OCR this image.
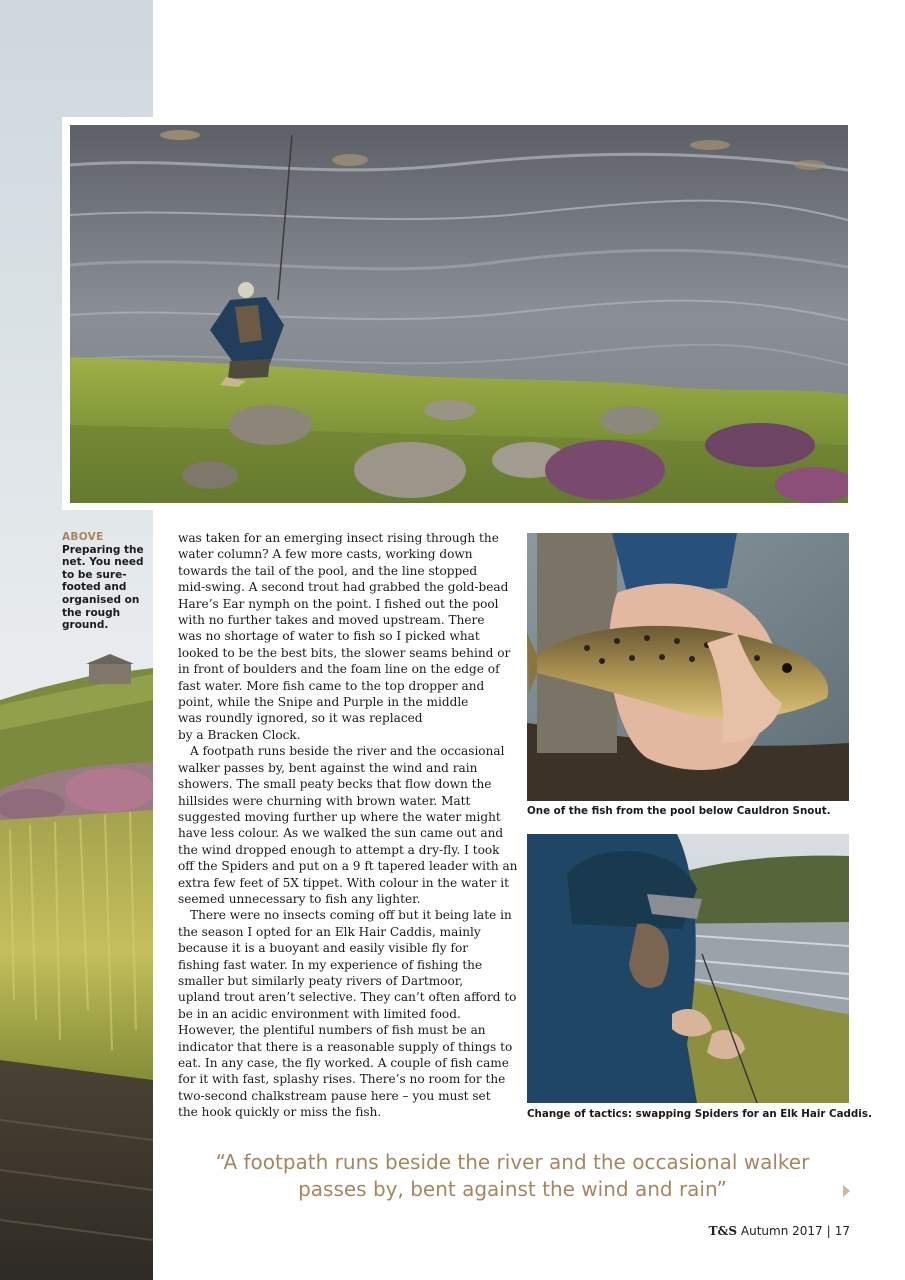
ABOVE
Preparing the net. You need to be sure-footed and organised on the rough ground.
was taken for an emerging insect rising through the
water column? A few more casts, working down
towards the tail of the pool, and the line stopped
mid-swing. A second trout had grabbed the gold-bead
Hare’s Ear nymph on the point. I fished out the pool
with no further takes and moved upstream. There
was no shortage of water to fish so I picked what
looked to be the best bits, the slower seams behind or
in front of boulders and the foam line on the edge of
fast water. More fish came to the top dropper and
point, while the Snipe and Purple in the middle
was roundly ignored, so it was replaced
by a Bracken Clock.
A footpath runs beside the river and the occasional
walker passes by, bent against the wind and rain
showers. The small peaty becks that flow down the
hillsides were churning with brown water. Matt
suggested moving further up where the water might
have less colour. As we walked the sun came out and
the wind dropped enough to attempt a dry-fly. I took
off the Spiders and put on a 9 ft tapered leader with an
extra few feet of 5X tippet. With colour in the water it
seemed unnecessary to fish any lighter.
There were no insects coming off but it being late in
the season I opted for an Elk Hair Caddis, mainly
because it is a buoyant and easily visible fly for
fishing fast water. In my experience of fishing the
smaller but similarly peaty rivers of Dartmoor,
upland trout aren’t selective. They can’t often afford to
be in an acidic environment with limited food.
However, the plentiful numbers of fish must be an
indicator that there is a reasonable supply of things to
eat. In any case, the fly worked. A couple of fish came
for it with fast, splashy rises. There’s no room for the
two-second chalkstream pause here – you must set
the hook quickly or miss the fish.
One of the fish from the pool below Cauldron Snout.
Change of tactics: swapping Spiders for an Elk Hair Caddis.
“A footpath runs beside the river and the occasional walker
passes by, bent against the wind and rain”
T&S Autumn 2017 | 17
